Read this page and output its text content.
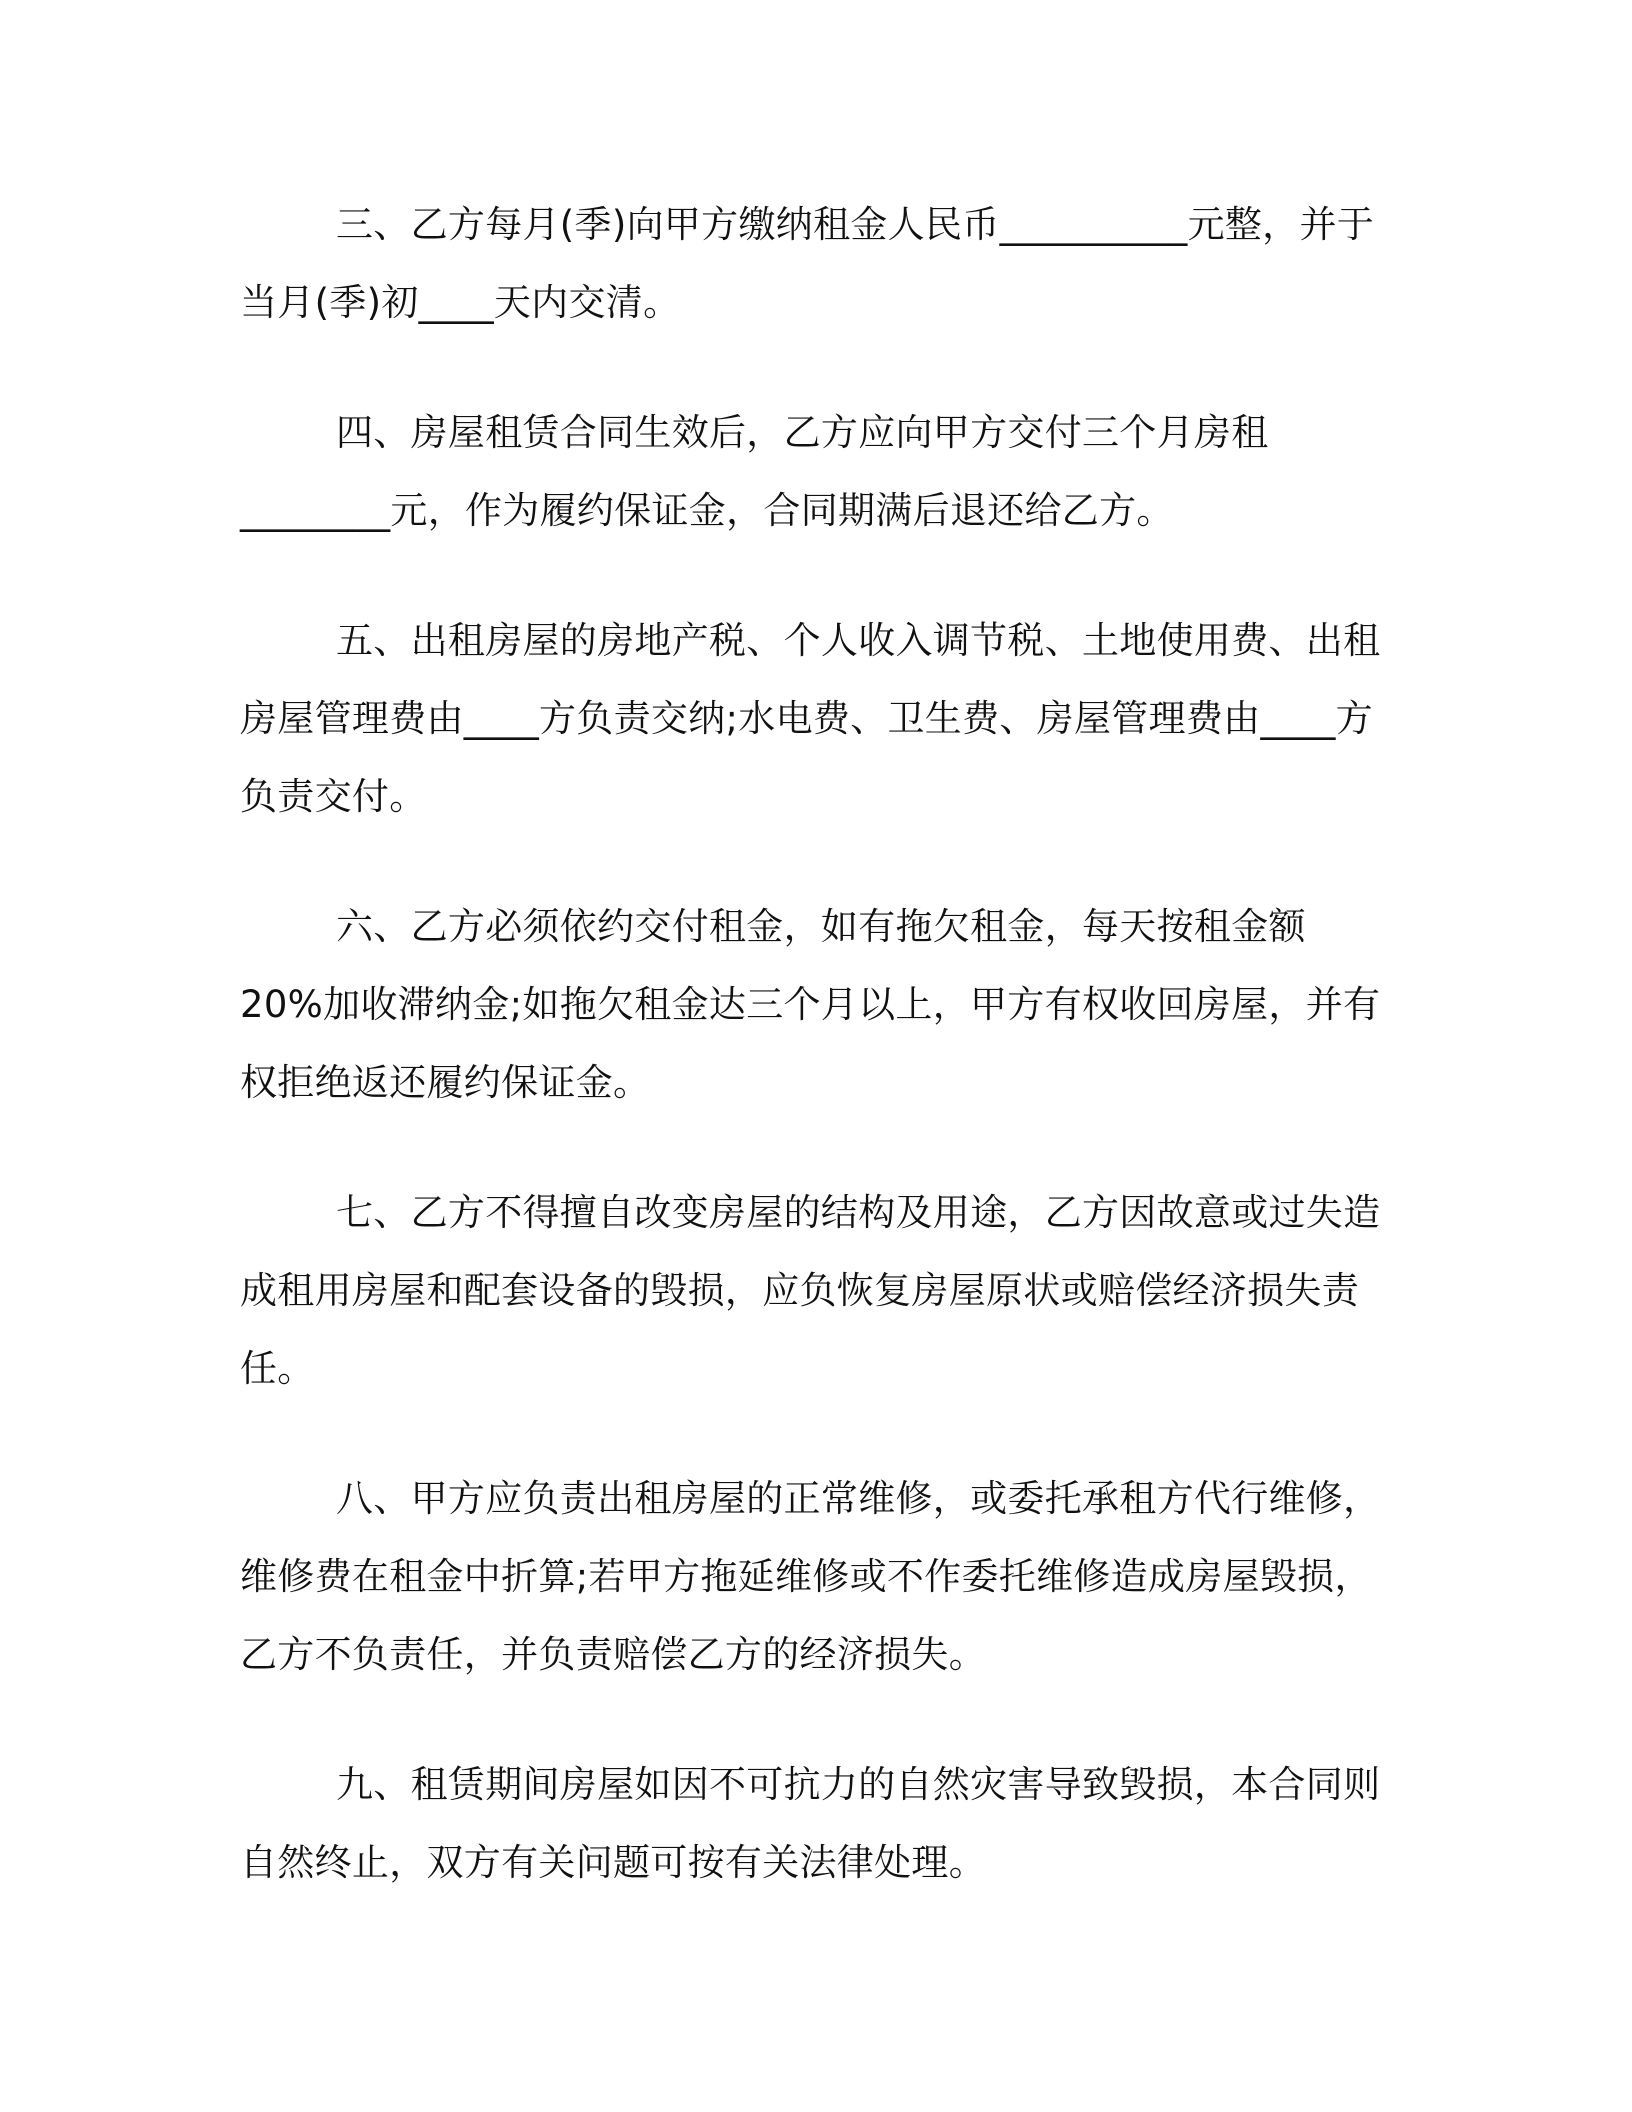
三、乙方每月(季)向甲方缴纳租金人民币__________元整，并于
当月(季)初____天内交清。
四、房屋租赁合同生效后，乙方应向甲方交付三个月房租
________元，作为履约保证金，合同期满后退还给乙方。
五、出租房屋的房地产税、个人收入调节税、土地使用费、出租
房屋管理费由____方负责交纳;水电费、卫生费、房屋管理费由____方
负责交付。
六、乙方必须依约交付租金，如有拖欠租金，每天按租金额
20%加收滞纳金;如拖欠租金达三个月以上，甲方有权收回房屋，并有
权拒绝返还履约保证金。
七、乙方不得擅自改变房屋的结构及用途，乙方因故意或过失造
成租用房屋和配套设备的毁损，应负恢复房屋原状或赔偿经济损失责
任。
八、甲方应负责出租房屋的正常维修，或委托承租方代行维修，
维修费在租金中折算;若甲方拖延维修或不作委托维修造成房屋毁损，
乙方不负责任，并负责赔偿乙方的经济损失。
九、租赁期间房屋如因不可抗力的自然灾害导致毁损，本合同则
自然终止，双方有关问题可按有关法律处理。
